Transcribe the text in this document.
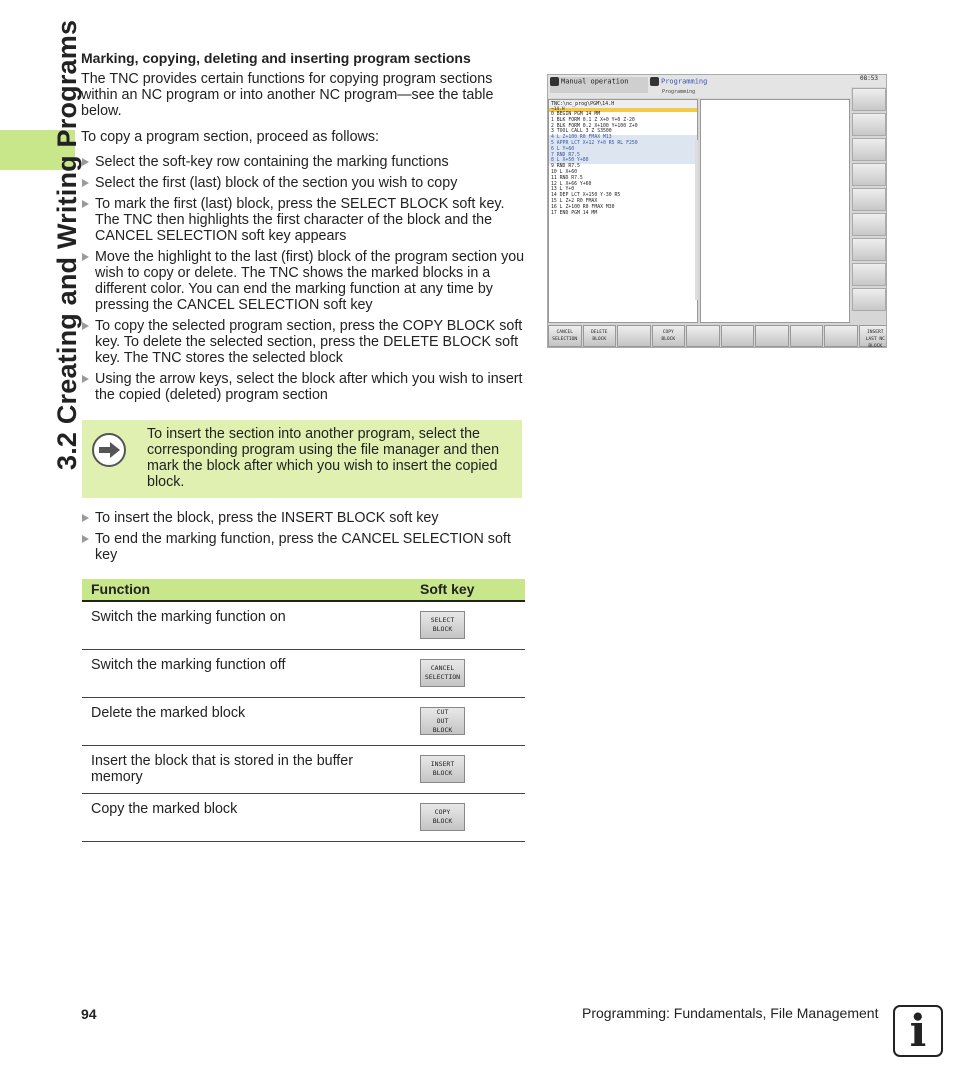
3.2 Creating and Writing Programs Marking, copying, deleting and inserting program sections

The TNC provides certain functions for copying program sections within an NC program or into another NC program—see the table below.

To copy a program section, proceed as follows:

Select the soft-key row containing the marking functions
Select the first (last) block of the section you wish to copy
To mark the first (last) block, press the SELECT BLOCK soft key. The TNC then highlights the first character of the block and the CANCEL SELECTION soft key appears
Move the highlight to the last (first) block of the program section you wish to copy or delete. The TNC shows the marked blocks in a different color. You can end the marking function at any time by pressing the CANCEL SELECTION soft key
To copy the selected program section, press the COPY BLOCK soft key. To delete the selected section, press the DELETE BLOCK soft key. The TNC stores the selected block
Using the arrow keys, select the block after which you wish to insert the copied (deleted) program section
To insert the section into another program, select the corresponding program using the file manager and then mark the block after which you wish to insert the copied block.
To insert the block, press the INSERT BLOCK soft key
To end the marking function, press the CANCEL SELECTION soft key
Function	Soft key
Switch the marking function on	SELECT
BLOCK
Switch the marking function off	CANCEL
SELECTION
Delete the marked block	CUT
OUT
BLOCK
Insert the block that is stored in the buffer memory
INSERT
BLOCK
Copy the marked block	COPY
BLOCK
Manual operation	Programming
Programming
08:53
TNC:\nc_prog\PGM\14.H
→14.H
0 BEGIN PGM 14 MM
1 BLK FORM 0.1 Z X+0 Y+0 Z-20
2 BLK FORM 0.2 X+100 Y+100 Z+0
3 TOOL CALL 3 Z S3500
4 L Z+100 R0 FMAX M13
5 APPR LCT X+12 Y+0 R5 RL F250
6 L Y+60
7 RND R7.5
8 L X+50 Y+80
9 RND R7.5
10 L X+60
11 RND R7.5
12 L X+66 Y+60
13 L Y+0
14 DEP LCT X+150 Y-30 R5
15 L Z+2 R0 FMAX
16 L Z+100 R0 FMAX M30
17 END PGM 14 MM
CANCEL
SELECTION
DELETE
BLOCK
COPY
BLOCK
INSERT
LAST NC BLOCK
94	Programming: Fundamentals, File Management i
